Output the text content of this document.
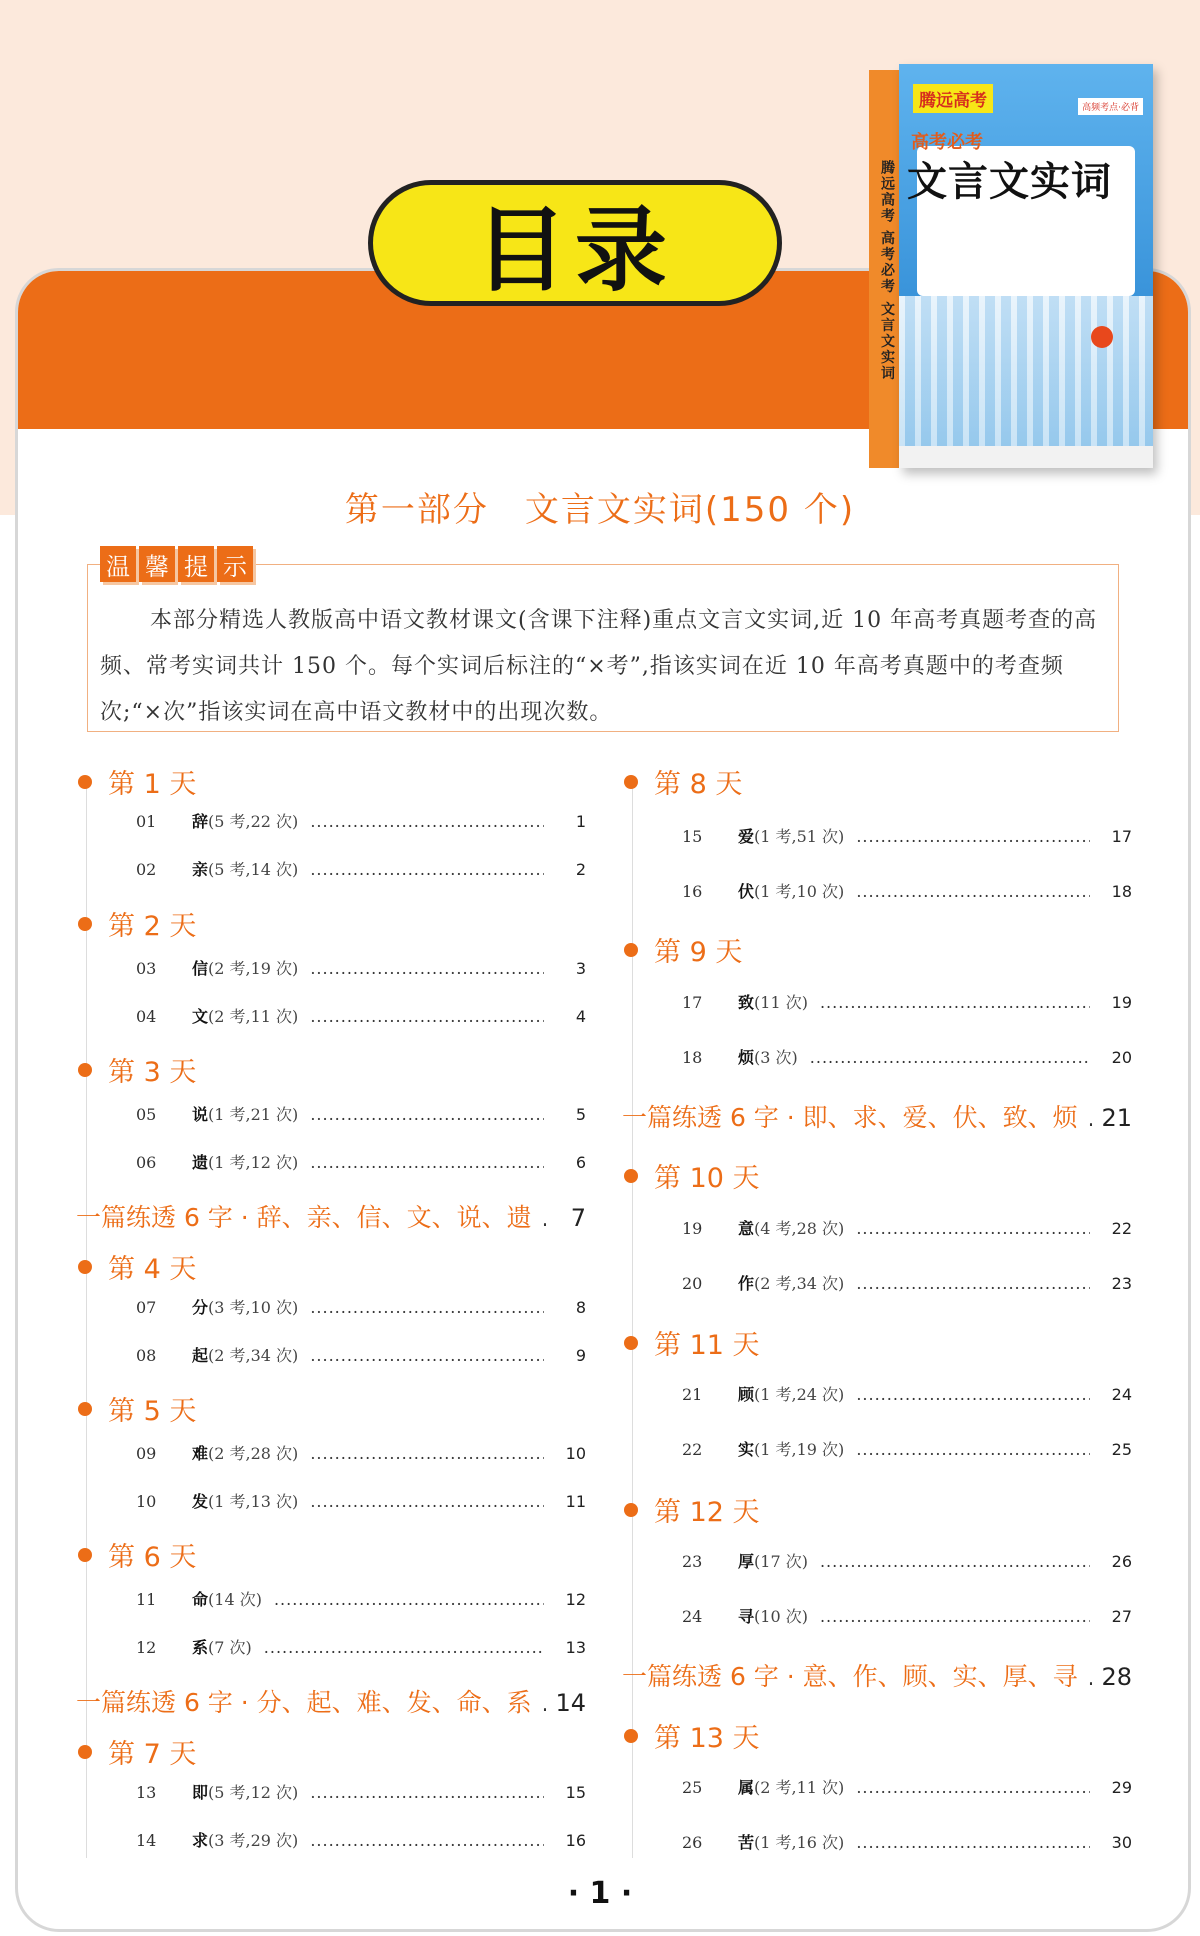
目录	腾远高考 高考必考 文言文实词
腾远高考	高频考点·必背
高考必考
文言文实词
第一部分　文言文实词(150 个)
温 馨 提 示

本部分精选人教版高中语文教材课文(含课下注释)重点文言文实词,近 10 年高考真题考查的高频、常考实词共计 150 个。每个实词后标注的“×考”,指该实词在近 10 年高考真题中的考查频次;“×次”指该实词在高中语文教材中的出现次数。

第 1 天
01	辞 (5 考,22 次) .....	1
02	亲 (5 考,14 次) .....	2
第 2 天
03	信 (2 考,19 次) .....	3
04	文 (2 考,11 次) .....	4
第 3 天
05	说 (1 考,21 次) .....	5
06	遗 (1 考,12 次) .....	6
一篇练透 6 字 · 辞、亲、信、文、说、遗 .....	7
第 4 天
07	分 (3 考,10 次) .....	8
08	起 (2 考,34 次) .....	9
第 5 天
09	难 (2 考,28 次) .....	10
10	发 (1 考,13 次) .....	11
第 6 天
11	命 (14 次) .....	12
12	系 (7 次) .....	13
一篇练透 6 字 · 分、起、难、发、命、系 ..... 14
第 7 天
13	即 (5 考,12 次) .....	15
14	求 (3 考,29 次) .....	16
第 8 天
15	爱 (1 考,51 次) .....	17
16	伏 (1 考,10 次) .....	18
第 9 天
17	致 (11 次) .....	19
18	烦 (3 次) .....	20
一篇练透 6 字 · 即、求、爱、伏、致、烦 ..... 21
第 10 天
19	意 (4 考,28 次) .....	22
20	作 (2 考,34 次) .....	23
第 11 天
21	顾 (1 考,24 次) .....	24
22	实 (1 考,19 次) .....	25
第 12 天
23	厚 (17 次) .....	26
24	寻 (10 次) .....	27
一篇练透 6 字 · 意、作、顾、实、厚、寻 ..... 28
第 13 天
25	属 (2 考,11 次) .....	29
26	苦 (1 考,16 次) .....	30
· 1 ·
